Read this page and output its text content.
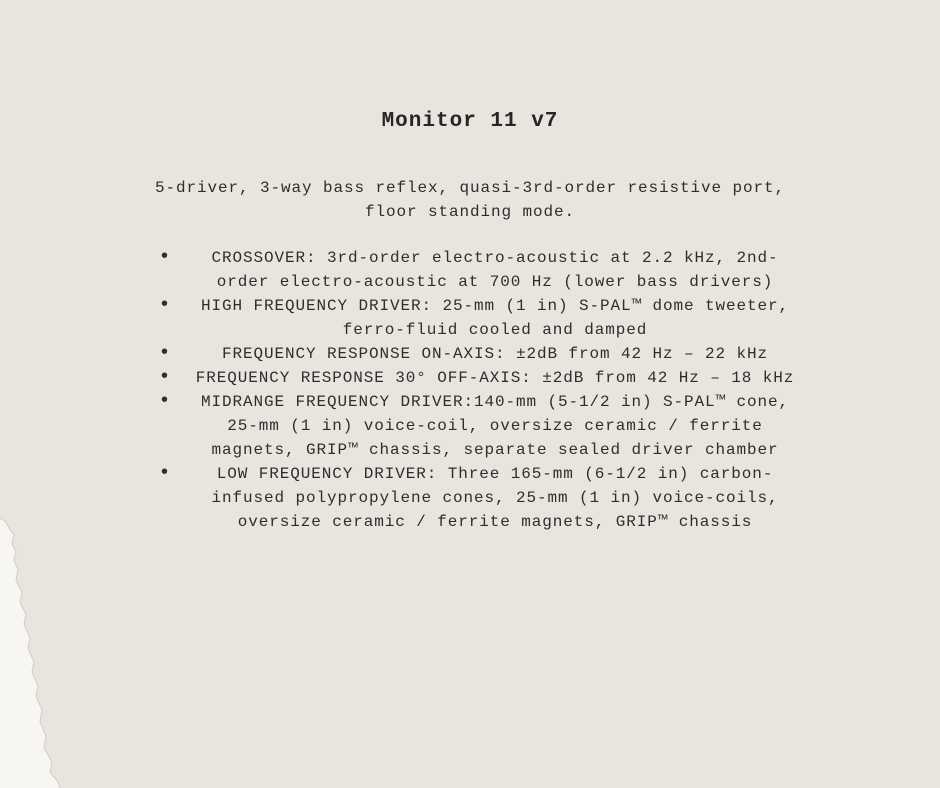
Monitor 11 v7

5-driver, 3-way bass reflex, quasi-3rd-order resistive port, floor standing mode.

•	CROSSOVER: 3rd-order electro-acoustic at 2.2 kHz, 2nd-order electro-acoustic at 700 Hz (lower bass drivers)
•	HIGH FREQUENCY DRIVER: 25-mm (1 in) S-PAL™ dome tweeter, ferro-fluid cooled and damped
•	FREQUENCY RESPONSE ON-AXIS: ±2dB from 42 Hz – 22 kHz
•	FREQUENCY RESPONSE 30° OFF-AXIS: ±2dB from 42 Hz – 18 kHz
•	MIDRANGE FREQUENCY DRIVER:140-mm (5-1/2 in) S-PAL™ cone, 25-mm (1 in) voice-coil, oversize ceramic / ferrite magnets, GRIP™ chassis, separate sealed driver chamber
•	LOW FREQUENCY DRIVER: Three 165-mm (6-1/2 in) carbon-infused polypropylene cones, 25-mm (1 in) voice-coils, oversize ceramic / ferrite magnets, GRIP™ chassis
